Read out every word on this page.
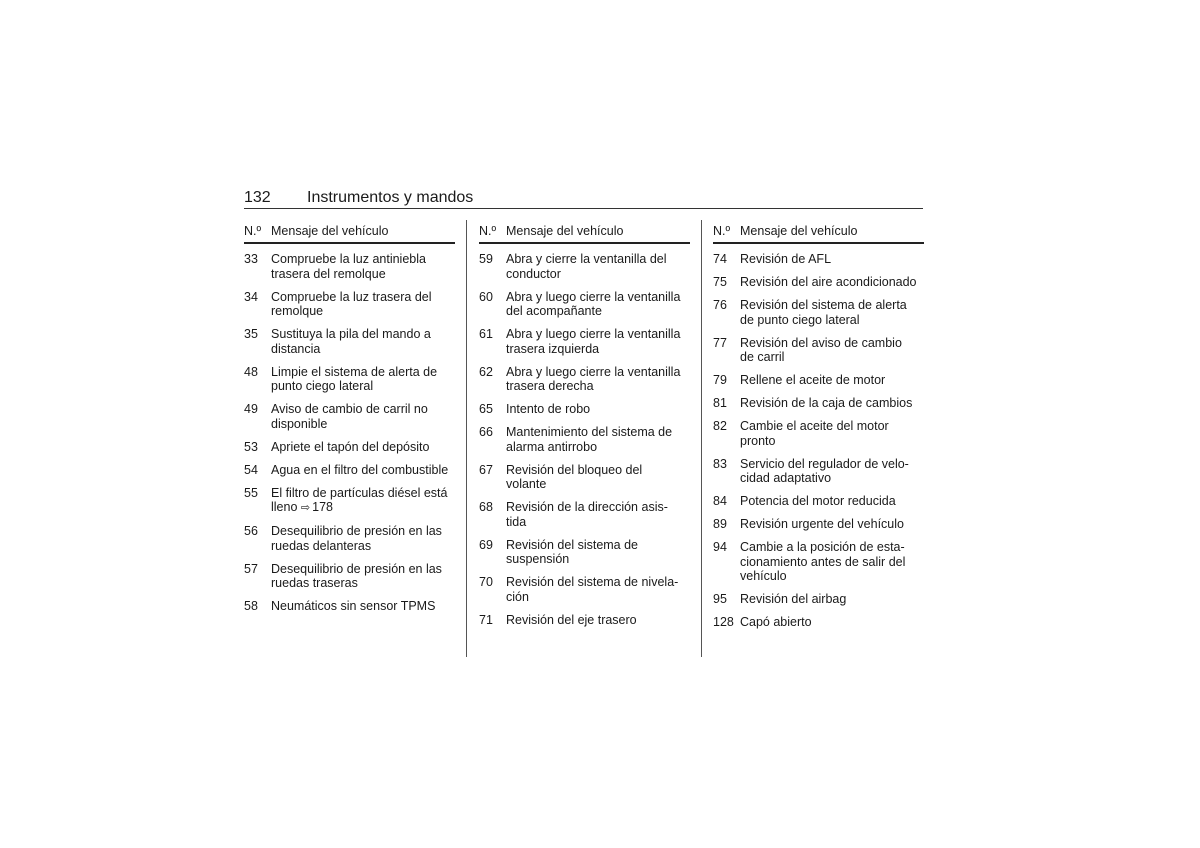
132 Instrumentos y mandos
N.º Mensaje del vehículo
33	Compruebe la luz antiniebla
trasera del remolque
34	Compruebe la luz trasera del
remolque
35	Sustituya la pila del mando a
distancia
48	Limpie el sistema de alerta de
punto ciego lateral
49	Aviso de cambio de carril no
disponible
53	Apriete el tapón del depósito
54	Agua en el filtro del combustible
55	El filtro de partículas diésel está
lleno ⇨ 178
56	Desequilibrio de presión en las
ruedas delanteras
57	Desequilibrio de presión en las
ruedas traseras
58	Neumáticos sin sensor TPMS
N.º Mensaje del vehículo
59	Abra y cierre la ventanilla del
conductor
60	Abra y luego cierre la ventanilla
del acompañante
61	Abra y luego cierre la ventanilla
trasera izquierda
62	Abra y luego cierre la ventanilla
trasera derecha
65	Intento de robo
66	Mantenimiento del sistema de
alarma antirrobo
67	Revisión del bloqueo del
volante
68	Revisión de la dirección asis-
tida
69	Revisión del sistema de
suspensión
70	Revisión del sistema de nivela-
ción
71	Revisión del eje trasero
N.º Mensaje del vehículo
74	Revisión de AFL
75	Revisión del aire acondicionado
76	Revisión del sistema de alerta
de punto ciego lateral
77	Revisión del aviso de cambio
de carril
79	Rellene el aceite de motor
81	Revisión de la caja de cambios
82	Cambie el aceite del motor
pronto
83	Servicio del regulador de velo-
cidad adaptativo
84	Potencia del motor reducida
89	Revisión urgente del vehículo
94	Cambie a la posición de esta-
cionamiento antes de salir del
vehículo
95	Revisión del airbag
128 Capó abierto
